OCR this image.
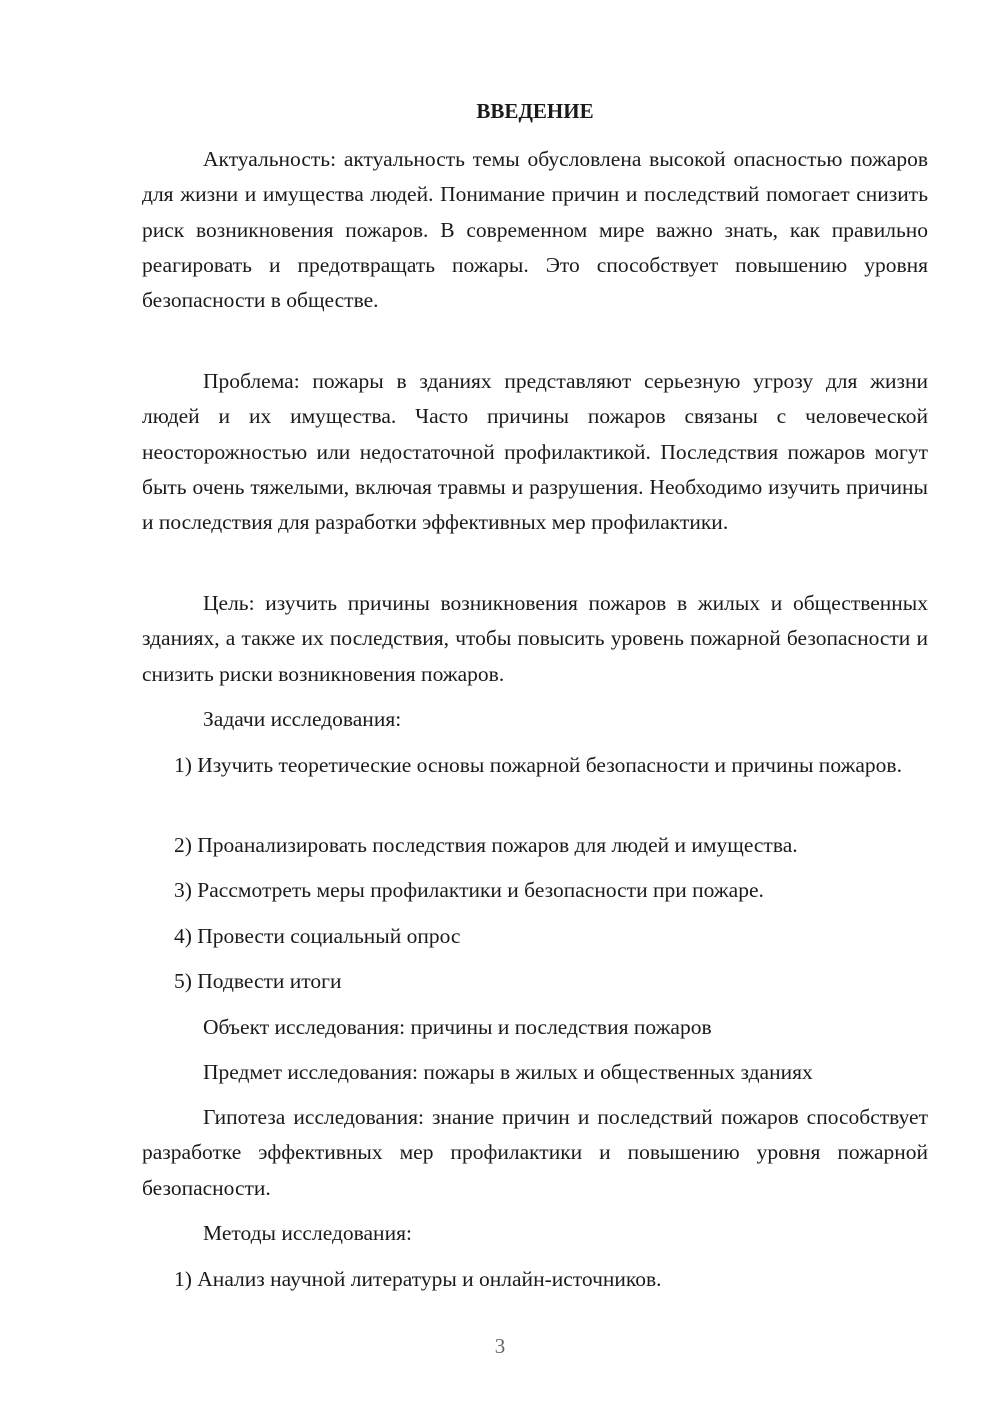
ВВЕДЕНИЕ

Актуальность: актуальность темы обусловлена высокой опасностью пожаров для жизни и имущества людей. Понимание причин и последствий помогает снизить риск возникновения пожаров. В современном мире важно знать, как правильно реагировать и предотвращать пожары. Это способствует повышению уровня безопасности в обществе.

Проблема: пожары в зданиях представляют серьезную угрозу для жизни людей и их имущества. Часто причины пожаров связаны с человеческой неосторожностью или недостаточной профилактикой. Последствия пожаров могут быть очень тяжелыми, включая травмы и разрушения. Необходимо изучить причины и последствия для разработки эффективных мер профилактики.

Цель: изучить причины возникновения пожаров в жилых и общественных зданиях, а также их последствия, чтобы повысить уровень пожарной безопасности и снизить риски возникновения пожаров.

Задачи исследования:

1) Изучить теоретические основы пожарной безопасности и причины пожаров.

2) Проанализировать последствия пожаров для людей и имущества.

3) Рассмотреть меры профилактики и безопасности при пожаре.

4) Провести социальный опрос

5) Подвести итоги

Объект исследования: причины и последствия пожаров

Предмет исследования: пожары в жилых и общественных зданиях

Гипотеза исследования: знание причин и последствий пожаров способствует разработке эффективных мер профилактики и повышению уровня пожарной безопасности.

Методы исследования:

1) Анализ научной литературы и онлайн-источников.

3
